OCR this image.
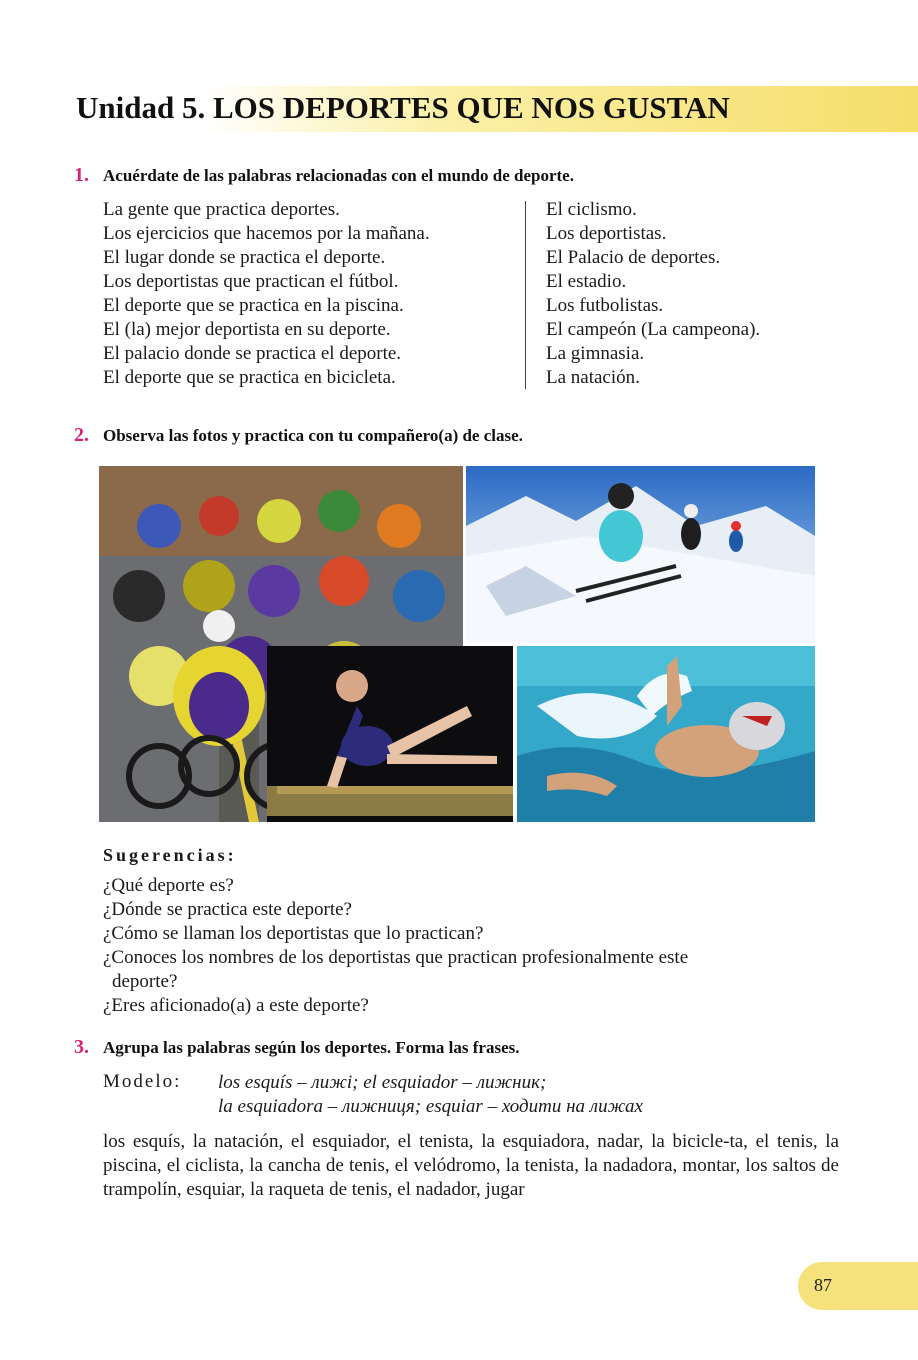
Unidad 5. LOS DEPORTES QUE NOS GUSTAN
1. Acuérdate de las palabras relacionadas con el mundo de deporte.
La gente que practica deportes.
Los ejercicios que hacemos por la mañana.
El lugar donde se practica el deporte.
Los deportistas que practican el fútbol.
El deporte que se practica en la piscina.
El (la) mejor deportista en su deporte.
El palacio donde se practica el deporte.
El deporte que se practica en bicicleta.
El ciclismo.
Los deportistas.
El Palacio de deportes.
El estadio.
Los futbolistas.
El campeón (La campeona).
La gimnasia.
La natación.
2. Observa las fotos y practica con tu compañero(a) de clase.
Sugerencias:
¿Qué deporte es?
¿Dónde se practica este deporte?
¿Cómo se llaman los deportistas que lo practican?
¿Conoces los nombres de los deportistas que practican profesionalmente este
deporte?
¿Eres aficionado(a) a este deporte?
3. Agrupa las palabras según los deportes. Forma las frases.
Modelo: los esquís – лижі; el esquiador – лижник;
la esquiadora – лижниця; esquiar – ходити на лижах
los esquís, la natación, el esquiador, el tenista, la esquiadora, nadar, la bicicle-ta, el tenis, la piscina, el ciclista, la cancha de tenis, el velódromo, la tenista, la nadadora, montar, los saltos de trampolín, esquiar, la raqueta de tenis, el nadador, jugar
87
